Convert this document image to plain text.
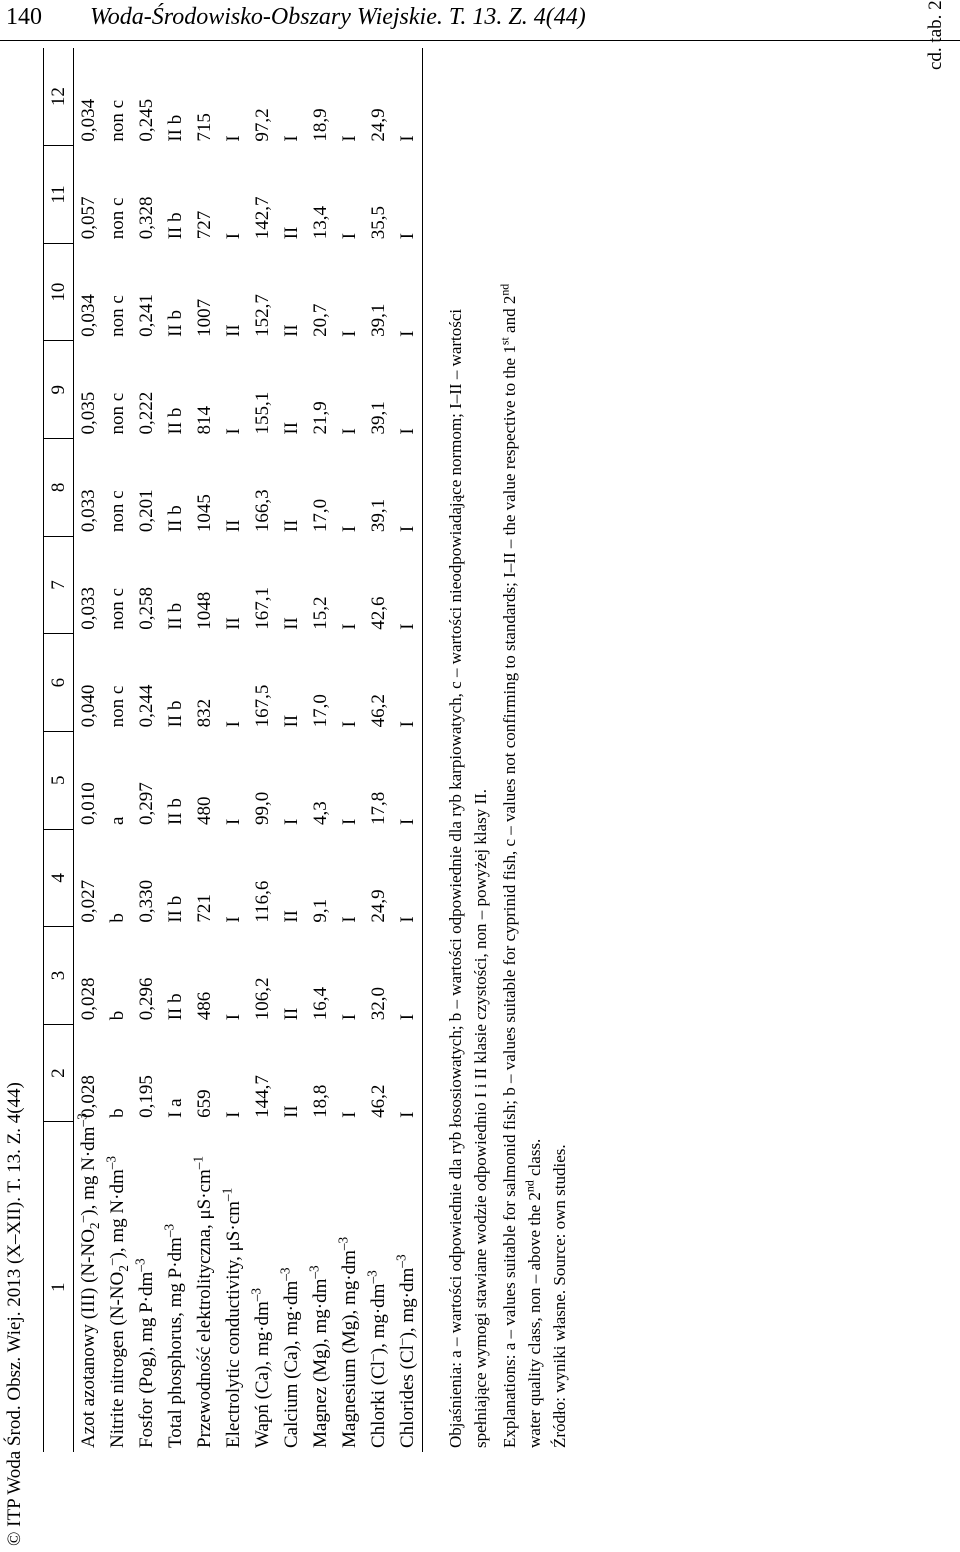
140 Woda-Środowisko-Obszary Wiejskie. T. 13. Z. 4(44)
© ITP Woda Środ. Obsz. Wiej. 2013 (X–XII). T. 13. Z. 4(44)
cd. tab. 2
1	2	3	4	5	6	7	8	9	10	11	12
Azot azotanowy (III) $(N-NO_2^-)$, mg $N\cdot dm^{-3}$	0,028	0,028	0,027	0,010	0,040	0,033	0,033	0,035	0,034	0,057	0,034
Nitrite nitrogen $(N-NO_2^-)$, mg $N\cdot dm^{-3}$	b	b	b	a	non c	non c	non c	non c	non c	non c	non c
Fosfor (Pog), mg $P\cdot dm^{-3}$	0,195	0,296	0,330	0,297	0,244	0,258	0,201	0,222	0,241	0,328	0,245
Total phosphorus, mg $P\cdot dm^{-3}$	I a	II b	II b	II b	II b	II b	II b	II b	II b	II b	II b
Przewodność elektrolityczna, $\mu S\cdot cm^{-1}$	659	486	721	480	832	1048	1045	814	1007	727	715
Electrolytic conductivity, $\mu S\cdot cm^{-1}$	I	I	I	I	I	II	II	I	II	I	I
Wapń (Ca), $mg\cdot dm^{-3}$	144,7	106,2	116,6	99,0	167,5	167,1	166,3	155,1	152,7	142,7	97,2
Calcium (Ca), $mg\cdot dm^{-3}$	II	II	II	I	II	II	II	II	II	II	I
Magnez (Mg), $mg\cdot dm^{-3}$	18,8	16,4	9,1	4,3	17,0	15,2	17,0	21,9	20,7	13,4	18,9
Magnesium (Mg), $mg\cdot dm^{-3}$	I	I	I	I	I	I	I	I	I	I	I
Chlorki (Cl–), $mg\cdot dm^{-3}$	46,2	32,0	24,9	17,8	46,2	42,6	39,1	39,1	39,1	35,5	24,9
Chlorides (Cl–), $mg\cdot dm^{-3}$	I	I	I	I	I	I	I	I	I	I	I

Objaśnienia: a – wartości odpowiednie dla ryb łososiowatych; b – wartości odpowiednie dla ryb karpiowatych, c – wartości nieodpowiadające normom; I–II – wartości spełniające wymogi stawiane wodzie odpowiednio I i II klasie czystości, non – powyżej klasy II. Explanations: a – values suitable for salmonid fish; b – values suitable for cyprinid fish, c – values not confirming to standards; I–II – the value respective to the 1st and 2nd

water quality class, non – above the 2nd class. Źródło: wyniki własne. Source: own studies.
